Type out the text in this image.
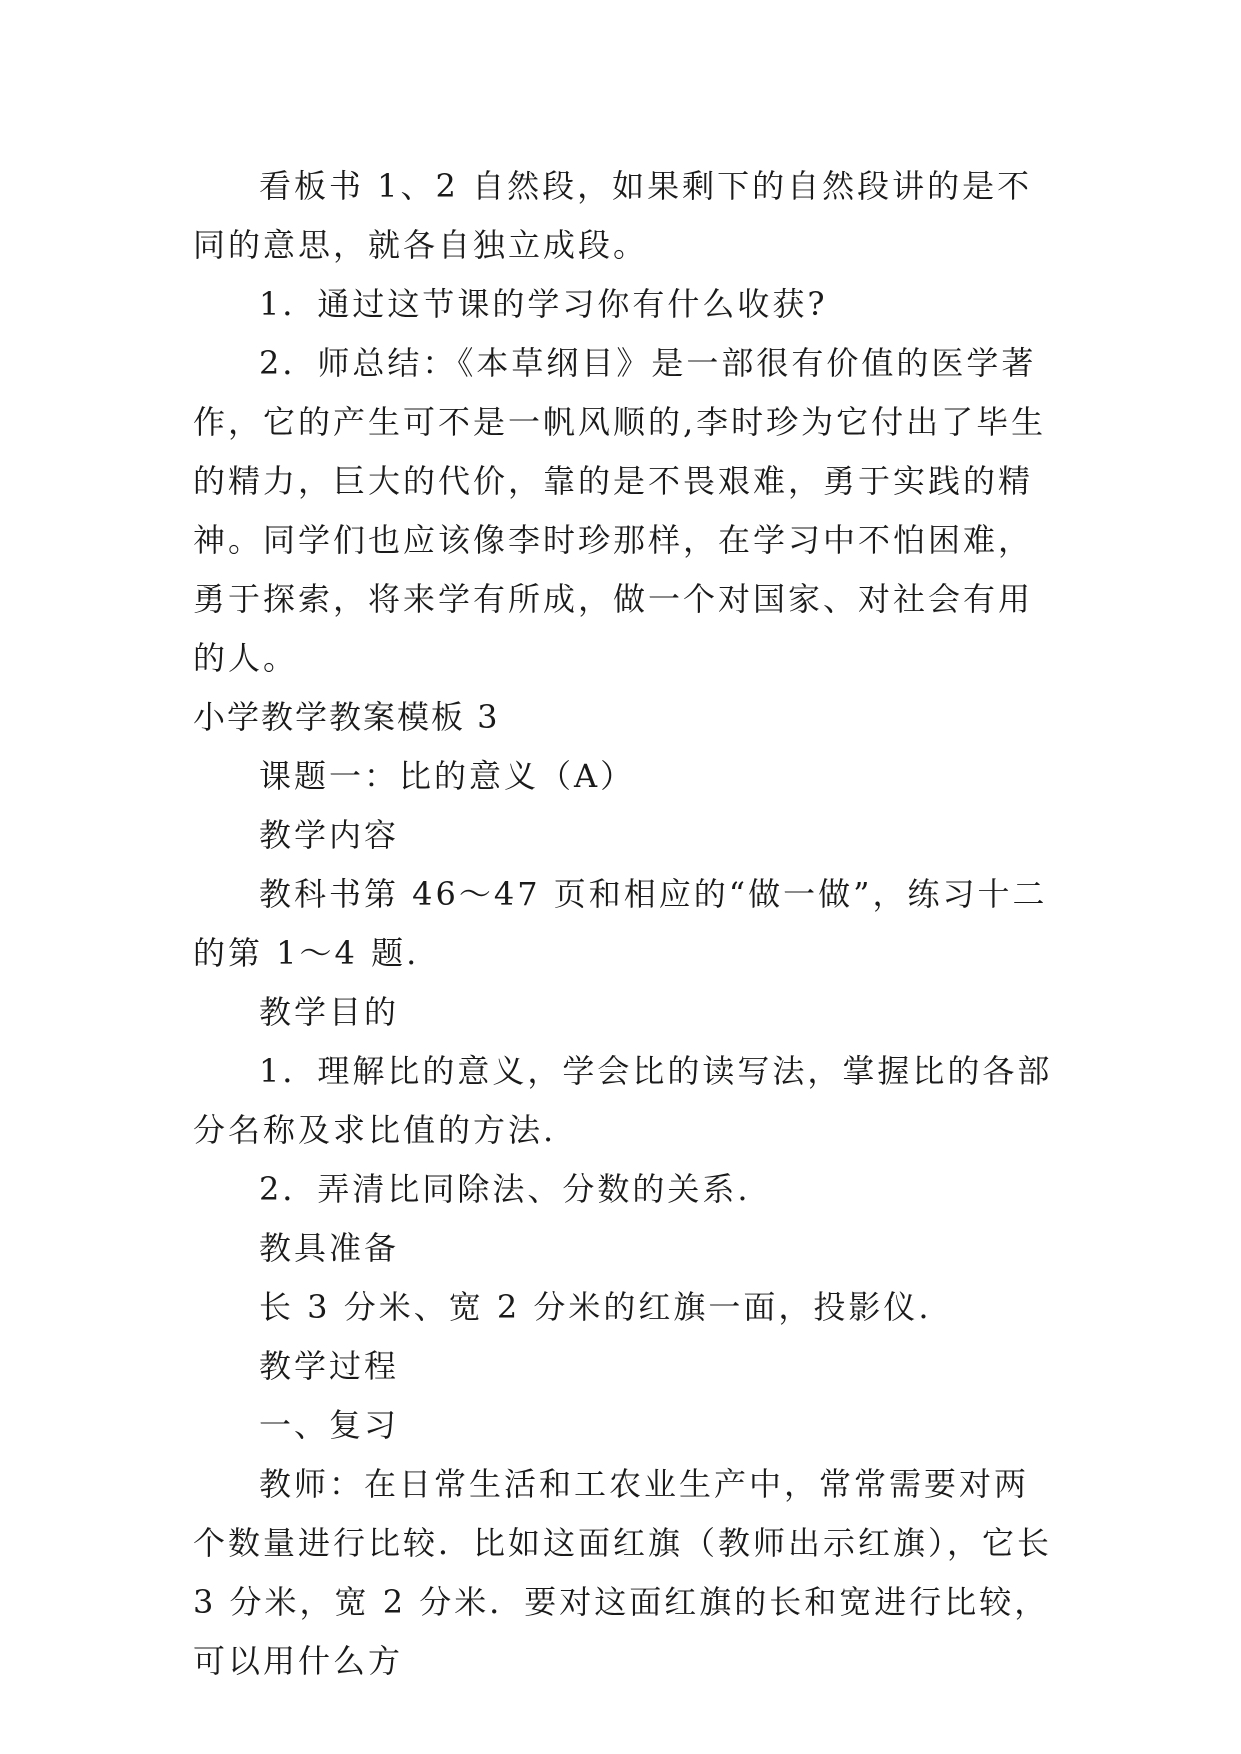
看板书 1、2 自然段，如果剩下的自然段讲的是不同的意思，就各自独立成段。

1．通过这节课的学习你有什么收获?

2．师总结：《本草纲目》是一部很有价值的医学著作，它的产生可不是一帆风顺的,李时珍为它付出了毕生的精力，巨大的代价，靠的是不畏艰难，勇于实践的精神。同学们也应该像李时珍那样，在学习中不怕困难，勇于探索，将来学有所成，做一个对国家、对社会有用的人。

小学教学教案模板 3

课题一：比的意义（A）

教学内容

教科书第 46～47 页和相应的“做一做”，练习十二的第 1～4 题.

教学目的

1．理解比的意义，学会比的读写法，掌握比的各部分名称及求比值的方法.

2．弄清比同除法、分数的关系.

教具准备

长 3 分米、宽 2 分米的红旗一面，投影仪.

教学过程

一、复习

教师：在日常生活和工农业生产中，常常需要对两个数量进行比较．比如这面红旗（教师出示红旗），它长 3 分米，宽 2 分米．要对这面红旗的长和宽进行比较，可以用什么方
